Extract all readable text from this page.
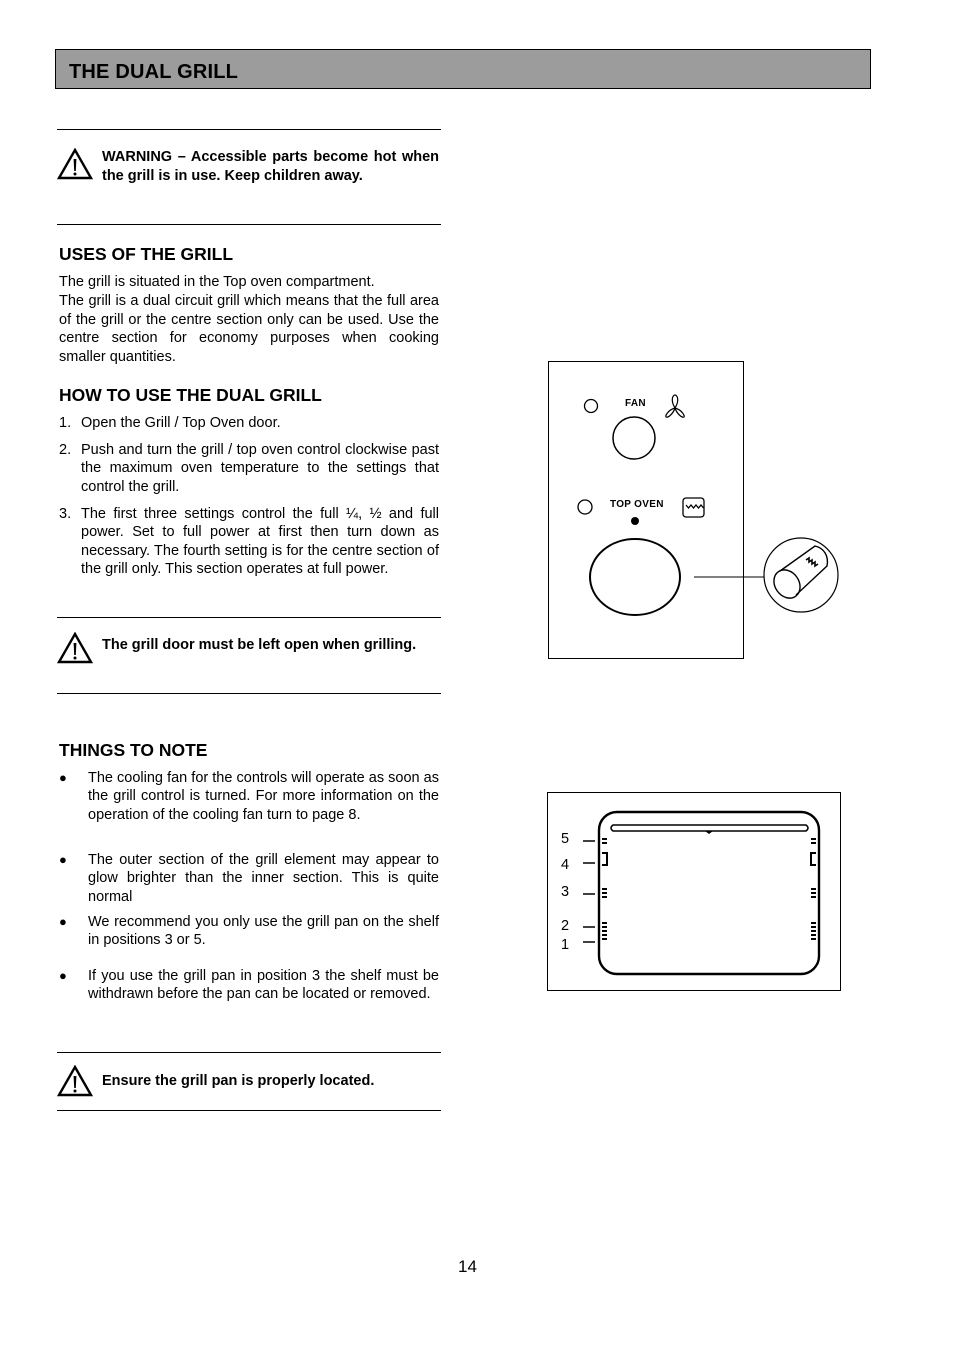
THE DUAL GRILL
WARNING – Accessible parts become hot when the grill is in use. Keep children away.
USES OF THE GRILL

The grill is situated in the Top oven compartment.

The grill is a dual circuit grill which means that the full area of the grill or the centre section only can be used. Use the centre section for economy purposes when cooking smaller quantities.

HOW TO USE THE DUAL GRILL
1. Open the Grill / Top Oven door.
2. Push and turn the grill / top oven control clockwise past the maximum oven temperature to the settings that control the grill.
3. The first three settings control the full ¼, ½ and full power. Set to full power at first then turn down as necessary. The fourth setting is for the centre section of the grill only. This section operates at full power.
The grill door must be left open when grilling.
THINGS TO NOTE
● The cooling fan for the controls will operate as soon as the grill control is turned. For more information on the operation of the cooling fan turn to page 8.
● The outer section of the grill element may appear to glow brighter than the inner section. This is quite normal
● We recommend you only use the grill pan on the shelf in positions 3 or 5.
● If you use the grill pan in position 3 the shelf must be withdrawn before the pan can be located or removed.
Ensure the grill pan is properly located.
FAN
TOP OVEN
5
4
3
2
1
14
